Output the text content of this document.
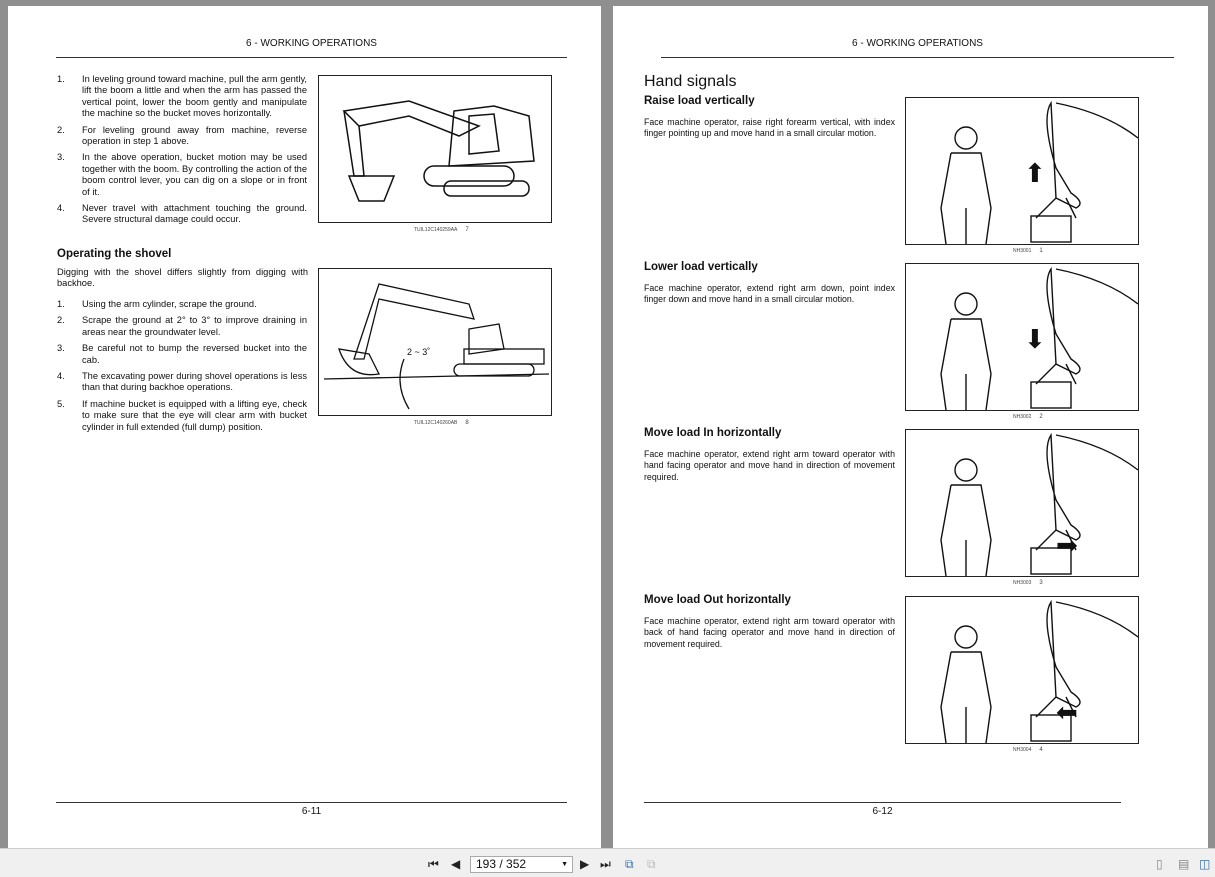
6 - WORKING OPERATIONS
1.	In leveling ground toward machine, pull the arm gently, lift the boom a little and when the arm has passed the vertical point, lower the boom gently and manipulate the machine so the bucket moves horizontally.
2.	For leveling ground away from machine, reverse operation in step 1 above.
3.	In the above operation, bucket motion may be used together with the boom. By controlling the action of the boom control lever, you can dig on a slope or in front of it.
4.	Never travel with attachment touching the ground. Severe structural damage could occur.
TUIL12C140259AA 7
Operating the shovel
Digging with the shovel differs slightly from digging with backhoe.
1.	Using the arm cylinder, scrape the ground.
2.	Scrape the ground at 2° to 3° to improve draining in areas near the groundwater level.
3.	Be careful not to bump the reversed bucket into the cab.
4.	The excavating power during shovel operations is less than that during backhoe operations.
5.	If machine bucket is equipped with a lifting eye, check to make sure that the eye will clear arm with bucket cylinder in full extended (full dump) position.
2 ~ 3˚
TUIL12C140260AB 8
6-11
6 - WORKING OPERATIONS
Hand signals
Raise load vertically
Face machine operator, raise right forearm vertical, with index finger pointing up and move hand in a small circular motion.
⬆
NH3001 1
Lower load vertically
Face machine operator, extend right arm down, point index finger down and move hand in a small circular motion.
⬇
NH3002 2
Move load In horizontally
Face machine operator, extend right arm toward operator with hand facing operator and move hand in direction of movement required.
➡
NH3003 3
Move load Out horizontally
Face machine operator, extend right arm toward operator with back of hand facing operator and move hand in direction of movement required.
⬅
NH3004 4
6-12
⏮ ◀	193 / 352	▼ ▶ ⏭ ⧉ ⧉	▯ ▤ ◫
